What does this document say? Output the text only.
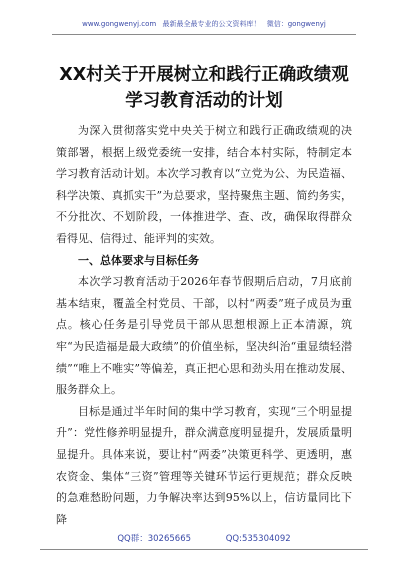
www.gongwenyj.com 最新最全最专业的公文资料库！ 微信：gongwenyj
XX村关于开展树立和践行正确政绩观学习教育活动的计划

为深入贯彻落实党中央关于树立和践行正确政绩观的决策部署，根据上级党委统一安排，结合本村实际，特制定本学习教育活动计划。本次学习教育以“立党为公、为民造福、科学决策、真抓实干”为总要求，坚持聚焦主题、简约务实，不分批次、不划阶段，一体推进学、查、改，确保取得群众看得见、信得过、能评判的实效。

一、总体要求与目标任务

本次学习教育活动于2026年春节假期后启动，7月底前基本结束，覆盖全村党员、干部，以村“两委”班子成员为重点。核心任务是引导党员干部从思想根源上正本清源，筑牢“为民造福是最大政绩”的价值坐标，坚决纠治“重显绩轻潜绩”“唯上不唯实”等偏差，真正把心思和劲头用在推动发展、服务群众上。

目标是通过半年时间的集中学习教育，实现“三个明显提升”：党性修养明显提升，群众满意度明显提升，发展质量明显提升。具体来说，要让村“两委”决策更科学、更透明，惠农资金、集体“三资”管理等关键环节运行更规范；群众反映的急难愁盼问题，力争解决率达到95%以上，信访量同比下降

QQ群：30265665	QQ:535304092
